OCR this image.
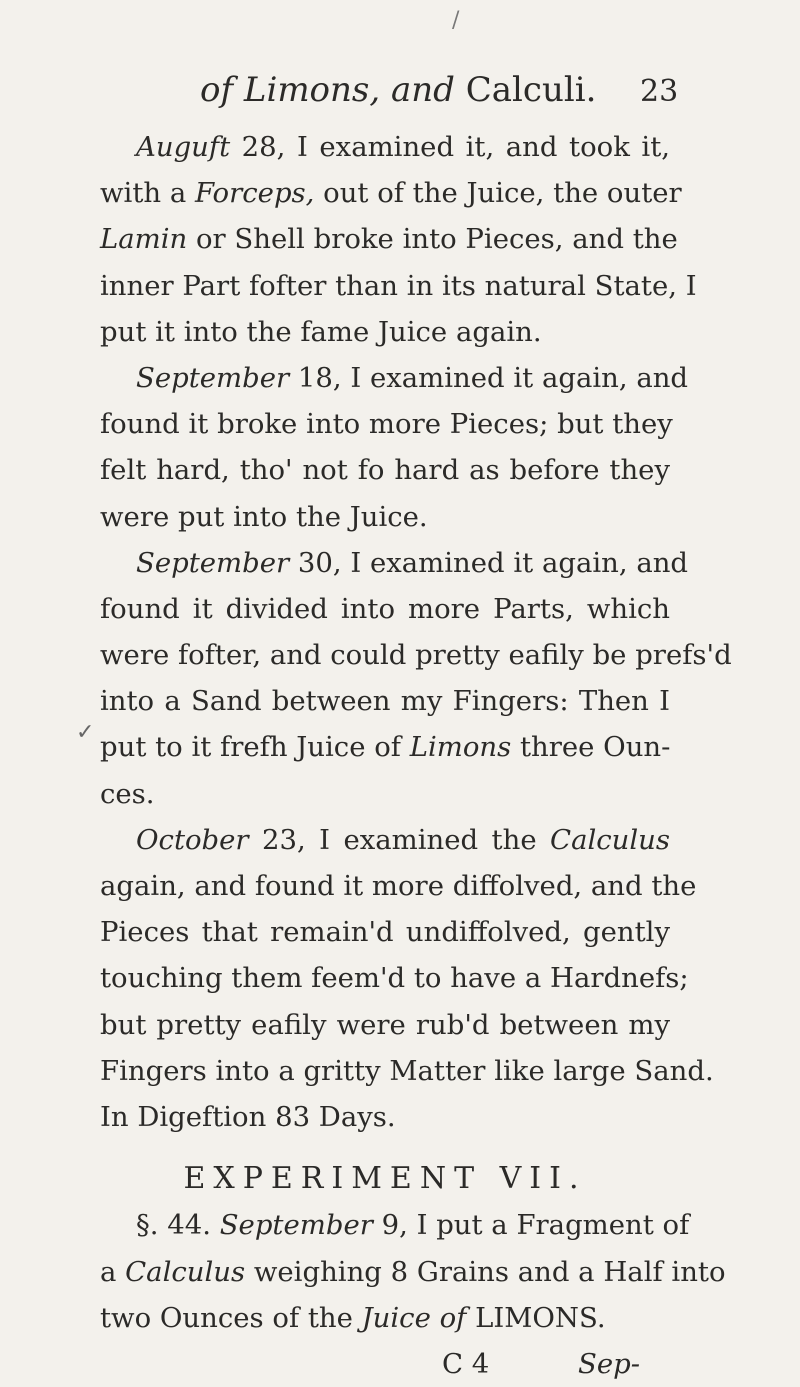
/
✓
of Limons, and Calculi. 23
Auguft 28, I examined it, and took it,
with a Forceps, out of the Juice, the outer
Lamin or Shell broke into Pieces, and the
inner Part fofter than in its natural State, I
put it into the fame Juice again.
September 18, I examined it again, and
found it broke into more Pieces; but they
felt hard, tho' not fo hard as before they
were put into the Juice.
September 30, I examined it again, and
found it divided into more Parts, which
were fofter, and could pretty eafily be prefs'd
into a Sand between my Fingers: Then I
put to it frefh Juice of Limons three Oun-
ces.
October 23, I examined the Calculus
again, and found it more diffolved, and the
Pieces that remain'd undiffolved, gently
touching them feem'd to have a Hardnefs;
but pretty eafily were rub'd between my
Fingers into a gritty Matter like large Sand.
In Digeftion 83 Days.
EXPERIMENT VII.
§. 44. September 9, I put a Fragment of
a Calculus weighing 8 Grains and a Half into
two Ounces of the Juice of LIMONS.
C 4	Sep-
